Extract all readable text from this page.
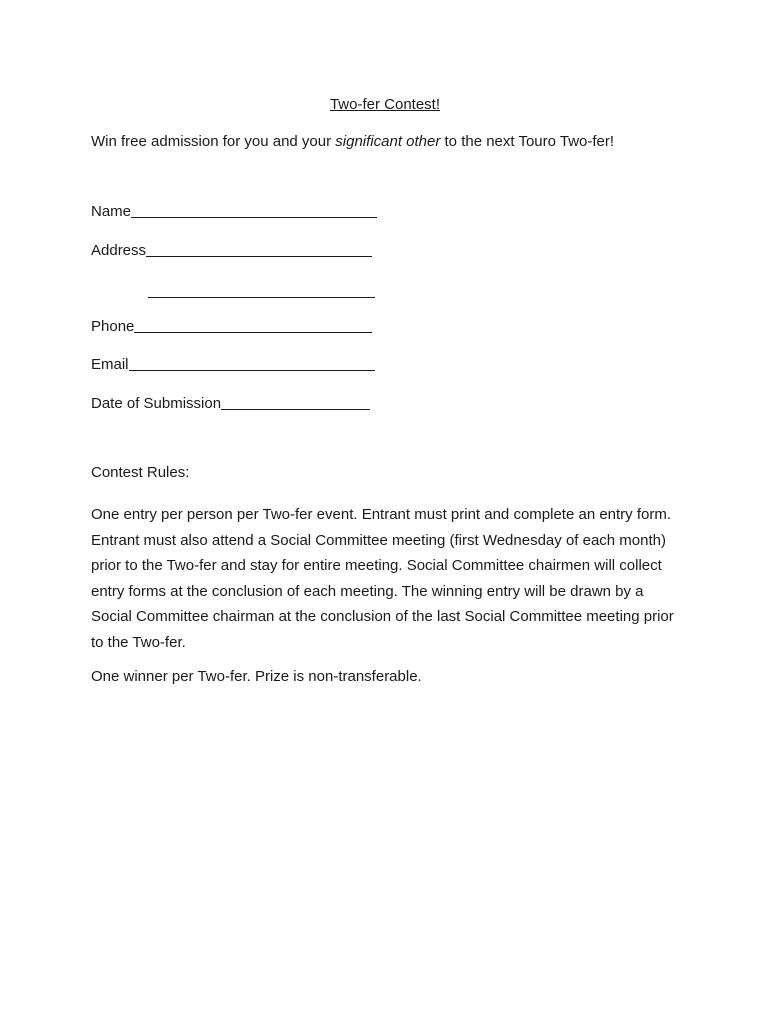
Two-fer Contest!
Win free admission for you and your significant other to the next Touro Two-fer!
Name
Address
Phone
Email
Date of Submission
Contest Rules:
One entry per person per Two-fer event. Entrant must print and complete an entry form. Entrant must also attend a Social Committee meeting (first Wednesday of each month) prior to the Two-fer and stay for entire meeting. Social Committee chairmen will collect entry forms at the conclusion of each meeting. The winning entry will be drawn by a Social Committee chairman at the conclusion of the last Social Committee meeting prior to the Two-fer.
One winner per Two-fer. Prize is non-transferable.
